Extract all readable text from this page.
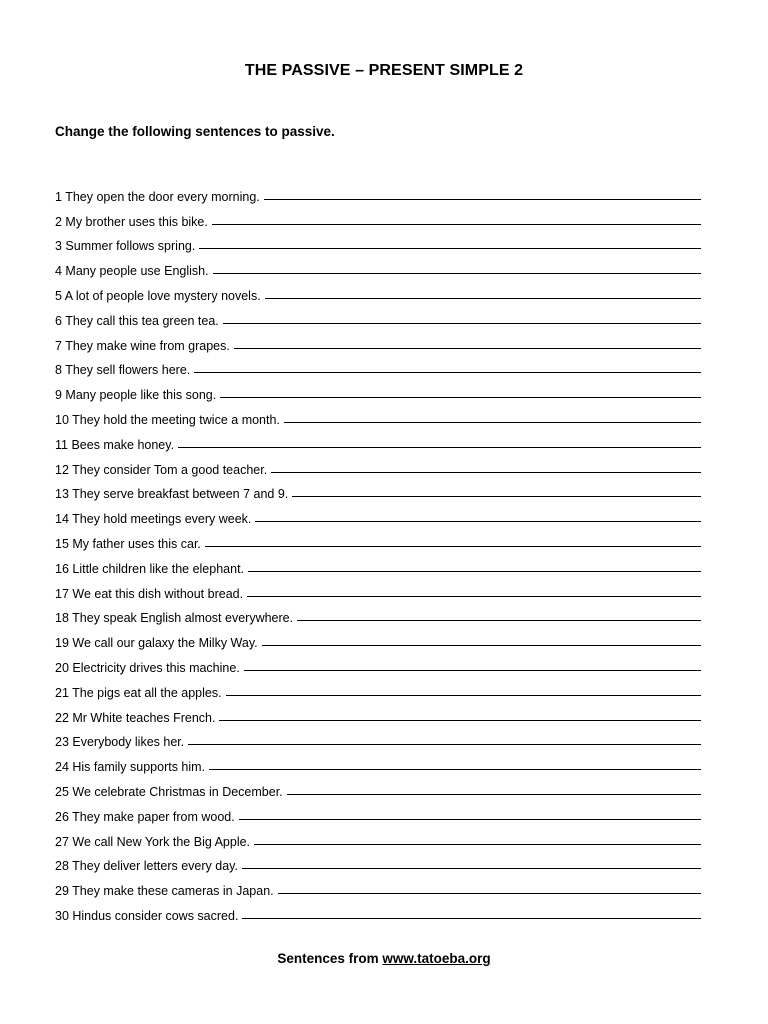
THE PASSIVE – PRESENT SIMPLE 2
Change the following sentences to passive.
1 They open the door every morning.
2 My brother uses this bike.
3 Summer follows spring.
4 Many people use English.
5 A lot of people love mystery novels.
6 They call this tea green tea.
7 They make wine from grapes.
8 They sell flowers here.
9 Many people like this song.
10 They hold the meeting twice a month.
11 Bees make honey.
12 They consider Tom a good teacher.
13 They serve breakfast between 7 and 9.
14 They hold meetings every week.
15 My father uses this car.
16 Little children like the elephant.
17 We eat this dish without bread.
18 They speak English almost everywhere.
19 We call our galaxy the Milky Way.
20 Electricity drives this machine.
21 The pigs eat all the apples.
22 Mr White teaches French.
23 Everybody likes her.
24 His family supports him.
25 We celebrate Christmas in December.
26 They make paper from wood.
27 We call New York the Big Apple.
28 They deliver letters every day.
29 They make these cameras in Japan.
30 Hindus consider cows sacred.
Sentences from www.tatoeba.org
